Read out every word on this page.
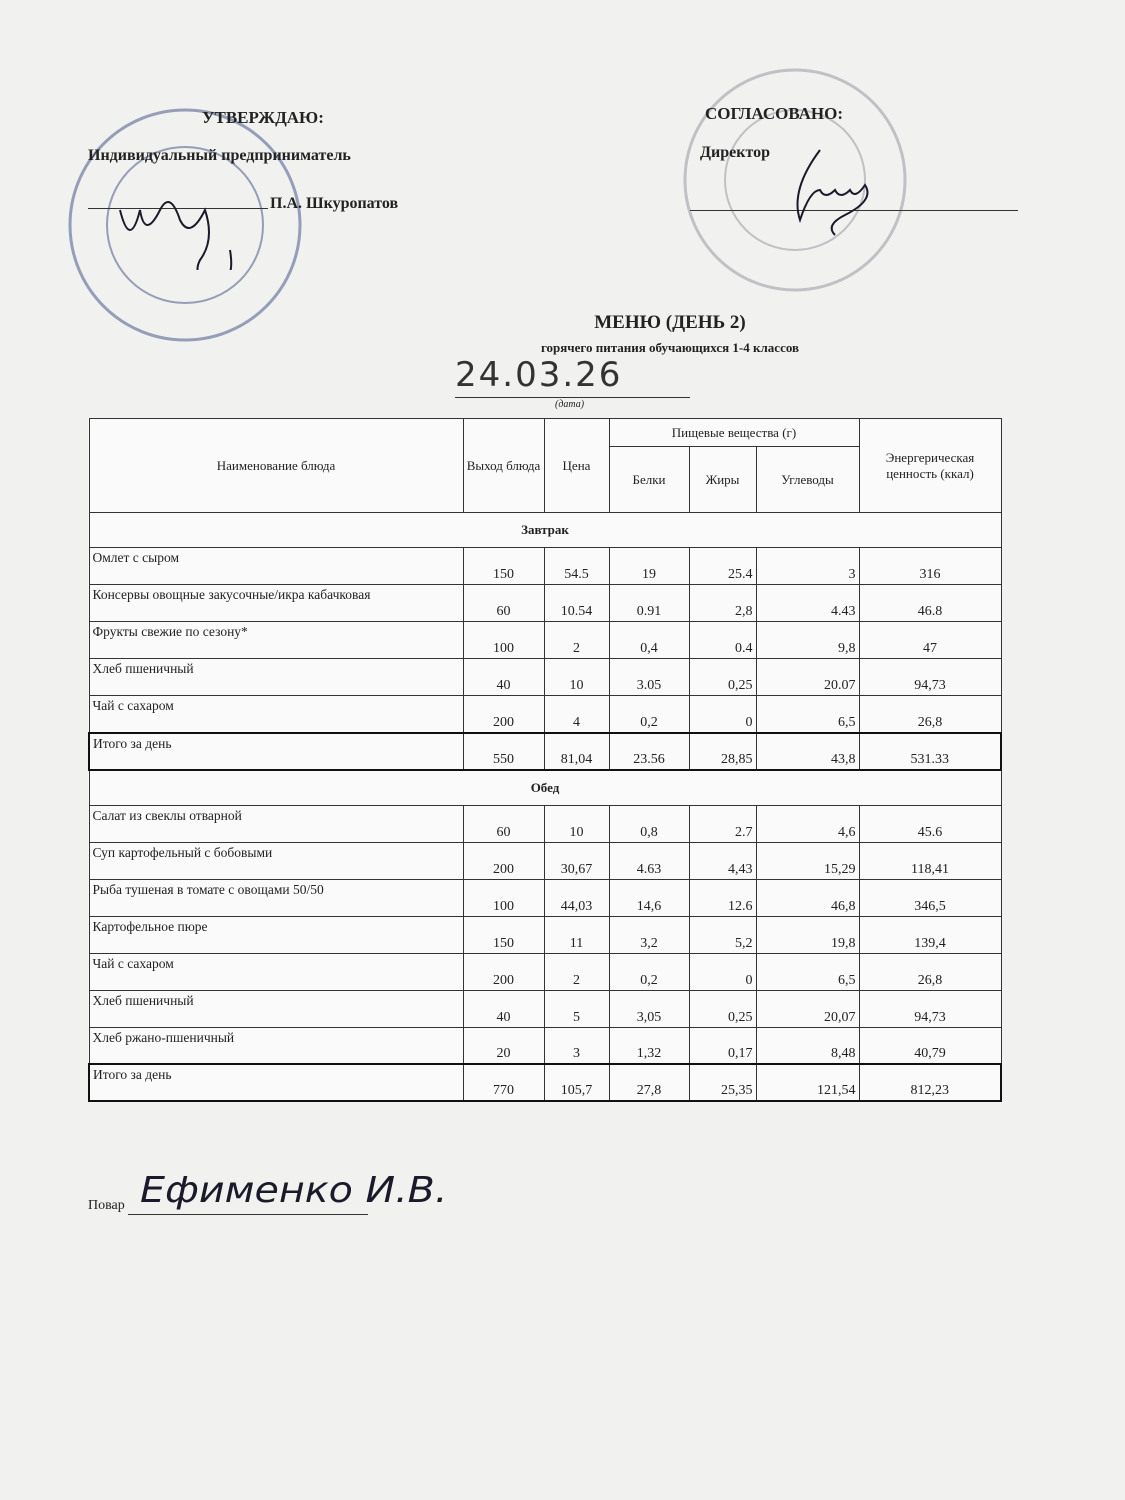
УТВЕРЖДАЮ:
Индивидуальный предприниматель
П.А. Шкуропатов
СОГЛАСОВАНО:
Директор
МЕНЮ (ДЕНЬ 2)
горячего питания обучающихся 1-4 классов
24.03.26
(дата)
Наименование блюда	Выход блюда	Цена	Пищевые вещества (г)			Энергерическая ценность (ккал)
			Белки	Жиры	Углеводы	
Завтрак						
Омлет с сыром	150	54.5	19	25.4	3	316
Консервы овощные закусочные/икра кабачковая	60	10.54	0.91	2,8	4.43	46.8
Фрукты свежие по сезону*	100	2	0,4	0.4	9,8	47
Хлеб пшеничный	40	10	3.05	0,25	20.07	94,73
Чай с сахаром	200	4	0,2	0	6,5	26,8
Итого за день	550	81,04	23.56	28,85	43,8	531.33
Обед						
Салат из свеклы отварной	60	10	0,8	2.7	4,6	45.6
Суп картофельный с бобовыми	200	30,67	4.63	4,43	15,29	118,41
Рыба тушеная в томате с овощами 50/50	100	44,03	14,6	12.6	46,8	346,5
Картофельное пюре	150	11	3,2	5,2	19,8	139,4
Чай с сахаром	200	2	0,2	0	6,5	26,8
Хлеб пшеничный	40	5	3,05	0,25	20,07	94,73
Хлеб ржано-пшеничный	20	3	1,32	0,17	8,48	40,79
Итого за день	770	105,7	27,8	25,35	121,54	812,23
Повар Ефименко И.В.
